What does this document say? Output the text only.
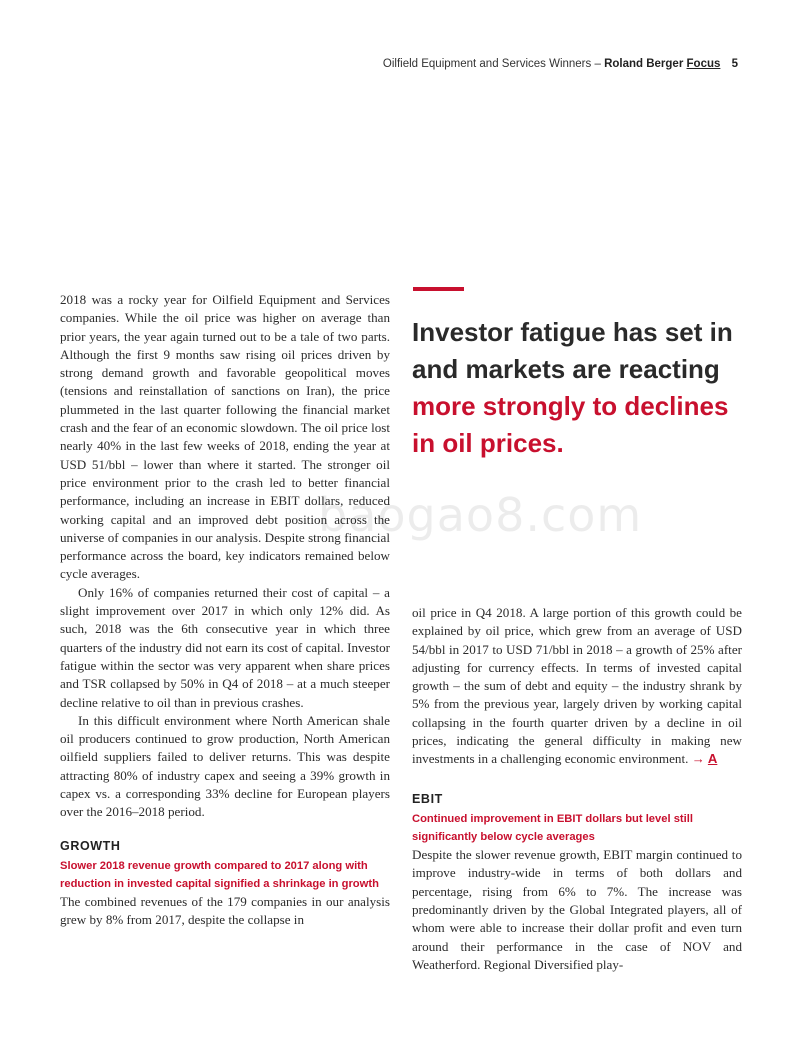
Oilfield Equipment and Services Winners – Roland Berger Focus 5
baogao8.com

2018 was a rocky year for Oilfield Equipment and Services companies. While the oil price was higher on average than prior years, the year again turned out to be a tale of two parts. Although the first 9 months saw rising oil prices driven by strong demand growth and favorable geopolitical moves (tensions and reinstallation of sanctions on Iran), the price plummeted in the last quarter following the financial market crash and the fear of an economic slowdown. The oil price lost nearly 40% in the last few weeks of 2018, ending the year at USD 51/bbl – lower than where it started. The stronger oil price environment prior to the crash led to better financial performance, including an increase in EBIT dollars, reduced working capital and an improved debt position across the universe of companies in our analysis. Despite strong financial performance across the board, key indicators remained below cycle averages.

Only 16% of companies returned their cost of capital – a slight improvement over 2017 in which only 12% did. As such, 2018 was the 6th consecutive year in which three quarters of the industry did not earn its cost of capital. Investor fatigue within the sector was very apparent when share prices and TSR collapsed by 50% in Q4 of 2018 – at a much steeper decline relative to oil than in previous crashes.

In this difficult environment where North American shale oil producers continued to grow production, North American oilfield suppliers failed to deliver returns. This was despite attracting 80% of industry capex and seeing a 39% growth in capex vs. a corresponding 33% decline for European players over the 2016–2018 period.

GROWTH
Slower 2018 revenue growth compared to 2017 along with reduction in invested capital signified a shrinkage in growth

The combined revenues of the 179 companies in our analysis grew by 8% from 2017, despite the collapse in

Investor fatigue has set in and markets are reacting more strongly to declines in oil prices.

oil price in Q4 2018. A large portion of this growth could be explained by oil price, which grew from an average of USD 54/bbl in 2017 to USD 71/bbl in 2018 – a growth of 25% after adjusting for currency effects. In terms of invested capital growth – the sum of debt and equity – the industry shrank by 5% from the previous year, largely driven by working capital collapsing in the fourth quarter driven by a decline in oil prices, indicating the general difficulty in making new investments in a challenging economic environment. → A

EBIT
Continued improvement in EBIT dollars but level still significantly below cycle averages

Despite the slower revenue growth, EBIT margin continued to improve industry-wide in terms of both dollars and percentage, rising from 6% to 7%. The increase was predominantly driven by the Global Integrated players, all of whom were able to increase their dollar profit and even turn around their performance in the case of NOV and Weatherford. Regional Diversified play-
